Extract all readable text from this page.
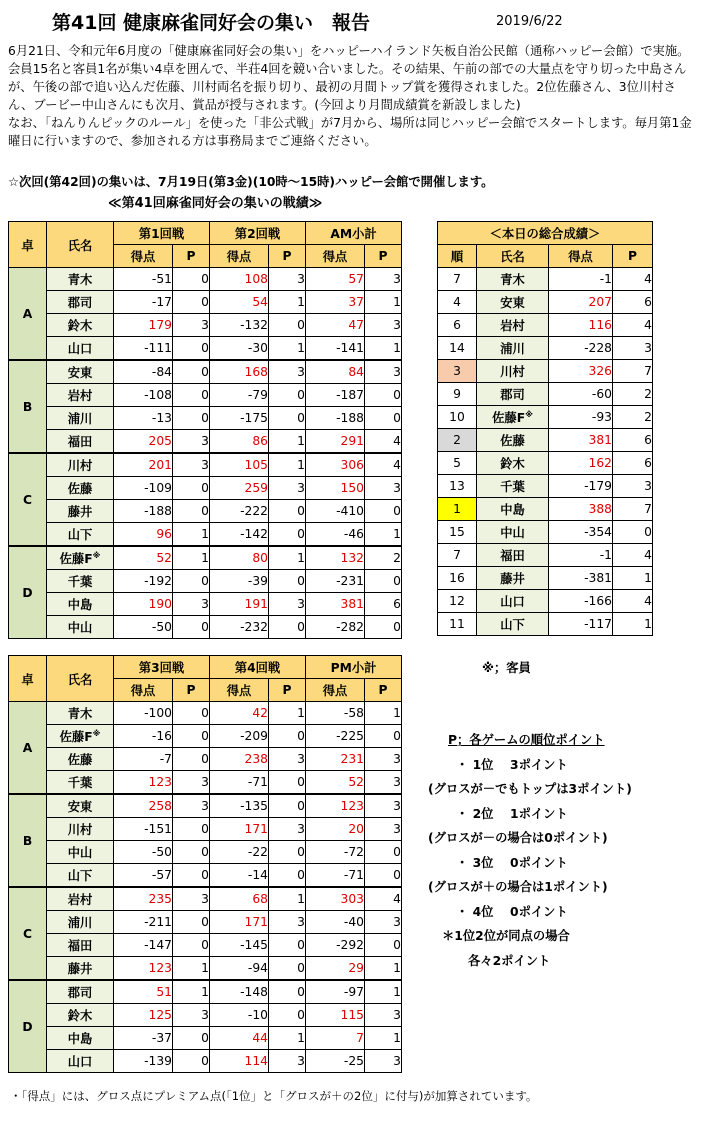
第41回 健康麻雀同好会の集い　報告	2019/6/22

6月21日、令和元年6月度の「健康麻雀同好会の集い」をハッピーハイランド矢板自治公民館（通称ハッピー会館）で実施。会員15名と客員1名が集い4卓を囲んで、半荘4回を競い合いました。その結果、午前の部での大量点を守り切った中島さんが、午後の部で追い込んだ佐藤、川村両名を振り切り、最初の月間トップ賞を獲得されました。2位佐藤さん、3位川村さん、ブービー中山さんにも次月、賞品が授与されます。(今回より月間成績賞を新設しました)

なお、「ねんりんピックのルール」を使った「非公式戦」が7月から、場所は同じハッピー会館でスタートします。毎月第1金曜日に行いますので、参加される方は事務局までご連絡ください。

☆次回(第42回)の集いは、7月19日(第3金)(10時～15時)ハッピー会館で開催します。
≪第41回麻雀同好会の集いの戦績≫
卓	氏名	第1回戦		第2回戦		AM小計	
		得点	P	得点	P	得点	P
A	青木	-51	0	108	3	57	3
	郡司	-17	0	54	1	37	1
	鈴木	179	3	-132	0	47	3
	山口	-111	0	-30	1	-141	1
B	安東	-84	0	168	3	84	3
	岩村	-108	0	-79	0	-187	0
	浦川	-13	0	-175	0	-188	0
	福田	205	3	86	1	291	4
C	川村	201	3	105	1	306	4
	佐藤	-109	0	259	3	150	3
	藤井	-188	0	-222	0	-410	0
	山下	96	1	-142	0	-46	1
D	佐藤F※	52	1	80	1	132	2
	千葉	-192	0	-39	0	-231	0
	中島	190	3	191	3	381	6
	中山	-50	0	-232	0	-282	0
卓	氏名	第3回戦		第4回戦		PM小計	
		得点	P	得点	P	得点	P
A	青木	-100	0	42	1	-58	1
	佐藤F※	-16	0	-209	0	-225	0
	佐藤	-7	0	238	3	231	3
	千葉	123	3	-71	0	52	3
B	安東	258	3	-135	0	123	3
	川村	-151	0	171	3	20	3
	中山	-50	0	-22	0	-72	0
	山下	-57	0	-14	0	-71	0
C	岩村	235	3	68	1	303	4
	浦川	-211	0	171	3	-40	3
	福田	-147	0	-145	0	-292	0
	藤井	123	1	-94	0	29	1
D	郡司	51	1	-148	0	-97	1
	鈴木	125	3	-10	0	115	3
	中島	-37	0	44	1	7	1
	山口	-139	0	114	3	-25	3
＜本日の総合成績＞			
順	氏名	得点	P
7	青木	-1	4
4	安東	207	6
6	岩村	116	4
14	浦川	-228	3
3	川村	326	7
9	郡司	-60	2
10	佐藤F※	-93	2
2	佐藤	381	6
5	鈴木	162	6
13	千葉	-179	3
1	中島	388	7
15	中山	-354	0
7	福田	-1	4
16	藤井	-381	1
12	山口	-166	4
11	山下	-117	1
※；客員
P；各ゲームの順位ポイント
・ 1位　 3ポイント
(グロスが－でもトップは3ポイント)
・ 2位　 1ポイント
(グロスが－の場合は0ポイント)
・ 3位　 0ポイント
(グロスが＋の場合は1ポイント)
・ 4位　 0ポイント
＊1位2位が同点の場合
各々2ポイント
・「得点」には、グロス点にプレミアム点(「1位」と「グロスが＋の2位」に付与)が加算されています。
